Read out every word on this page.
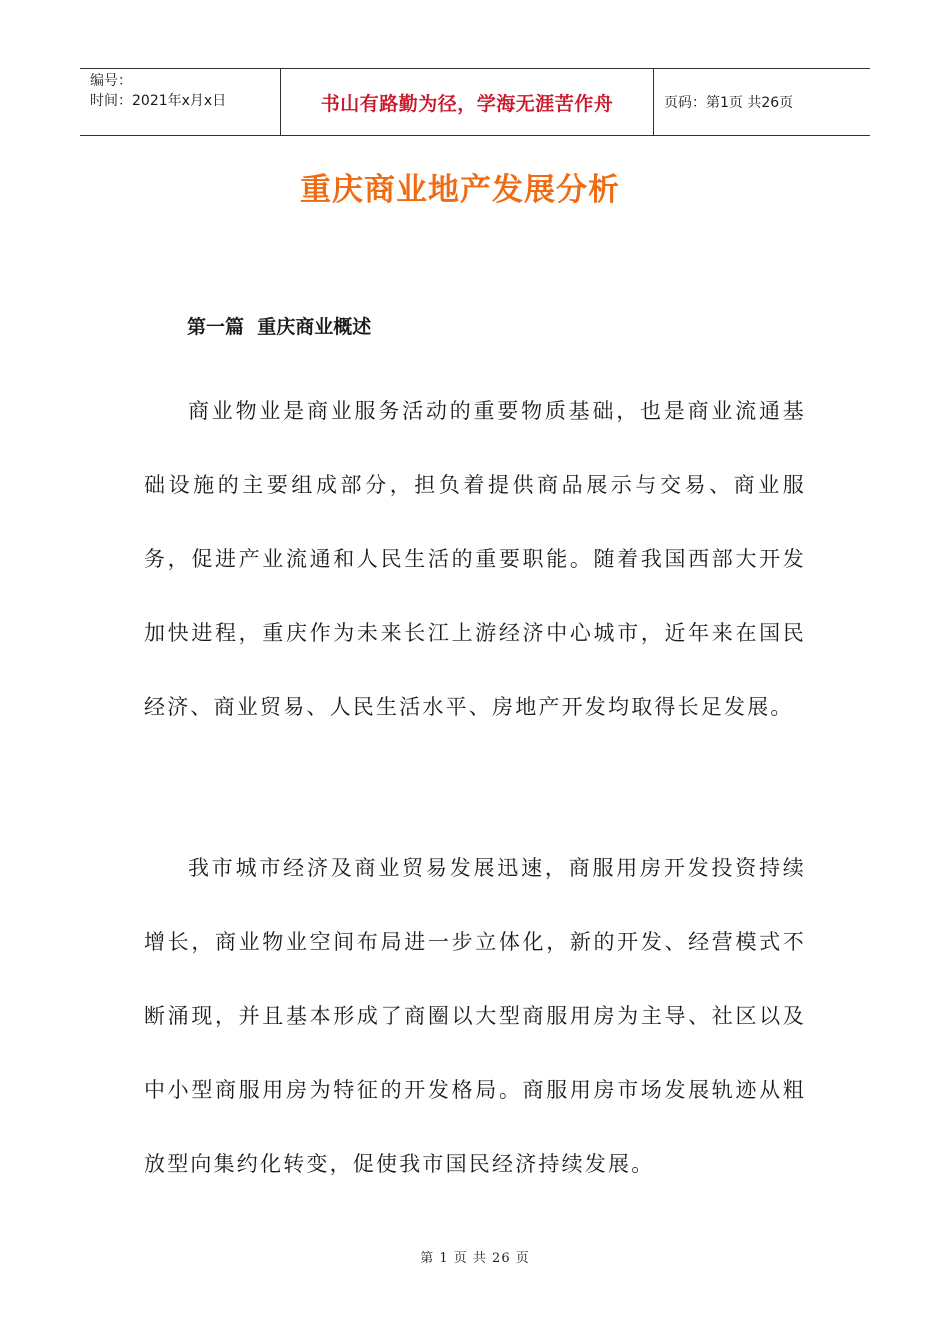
编号：
时间：2021年x月x日	书山有路勤为径，学海无涯苦作舟	页码：第1页 共26页
重庆商业地产发展分析
第一篇  重庆商业概述

商业物业是商业服务活动的重要物质基础，也是商业流通基础设施的主要组成部分，担负着提供商品展示与交易、商业服务，促进产业流通和人民生活的重要职能。随着我国西部大开发加快进程，重庆作为未来长江上游经济中心城市，近年来在国民经济、商业贸易、人民生活水平、房地产开发均取得长足发展。

我市城市经济及商业贸易发展迅速，商服用房开发投资持续增长，商业物业空间布局进一步立体化，新的开发、经营模式不断涌现，并且基本形成了商圈以大型商服用房为主导、社区以及中小型商服用房为特征的开发格局。商服用房市场发展轨迹从粗放型向集约化转变，促使我市国民经济持续发展。

第 1 页 共 26 页
